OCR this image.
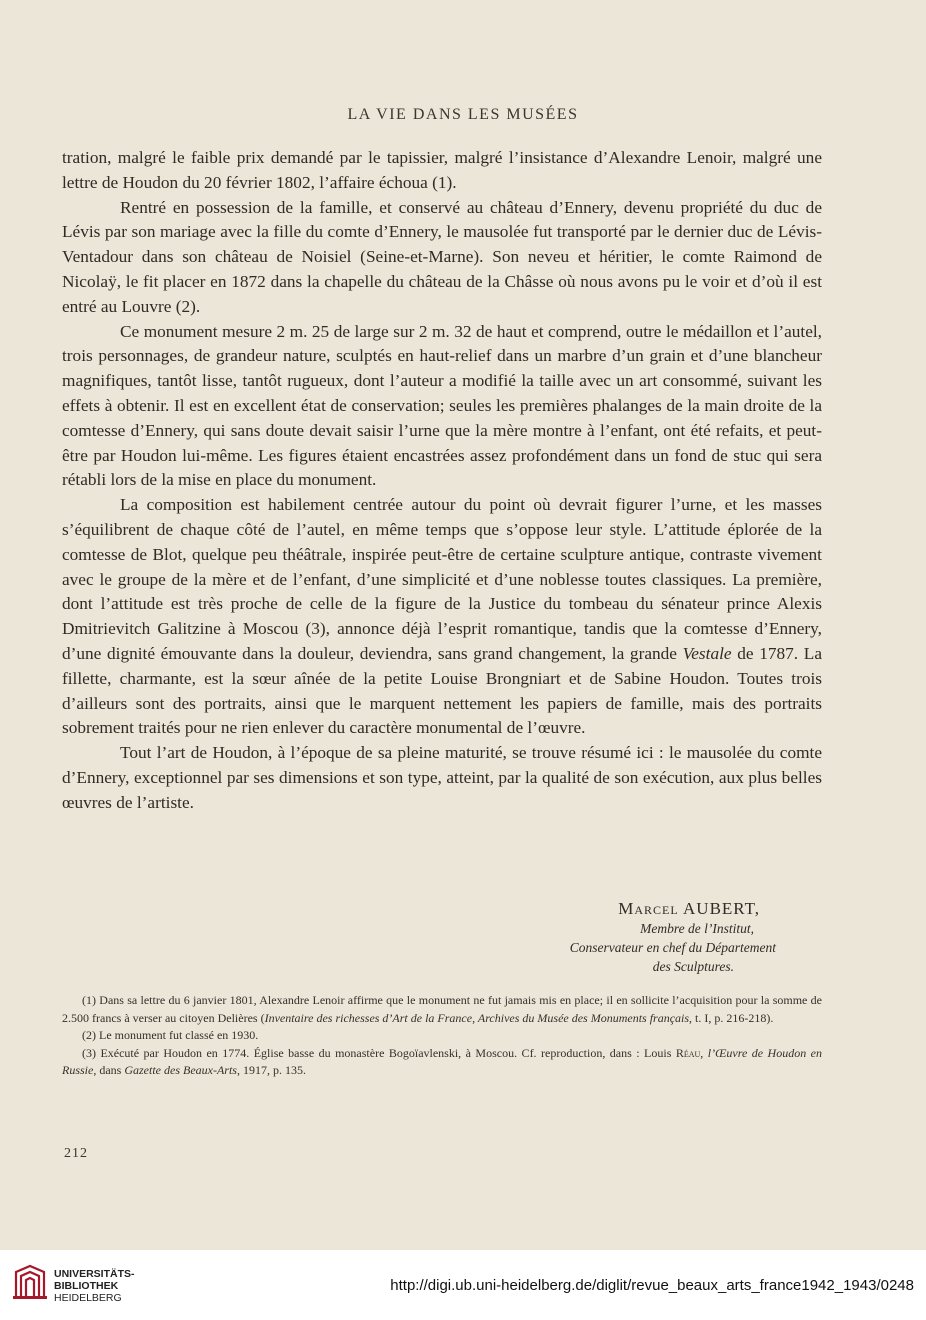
LA VIE DANS LES MUSÉES

tration, malgré le faible prix demandé par le tapissier, malgré l’insistance d’Alexandre Lenoir, malgré une lettre de Houdon du 20 février 1802, l’affaire échoua (1).

Rentré en possession de la famille, et conservé au château d’Ennery, devenu propriété du duc de Lévis par son mariage avec la fille du comte d’Ennery, le mausolée fut transporté par le dernier duc de Lévis-Ventadour dans son château de Noisiel (Seine-et-Marne). Son neveu et héritier, le comte Raimond de Nicolaÿ, le fit placer en 1872 dans la chapelle du château de la Châsse où nous avons pu le voir et d’où il est entré au Louvre (2).

Ce monument mesure 2 m. 25 de large sur 2 m. 32 de haut et comprend, outre le médaillon et l’autel, trois personnages, de grandeur nature, sculptés en haut-relief dans un marbre d’un grain et d’une blancheur magnifiques, tantôt lisse, tantôt rugueux, dont l’auteur a modifié la taille avec un art consommé, suivant les effets à obtenir. Il est en excellent état de conservation; seules les premières phalanges de la main droite de la comtesse d’Ennery, qui sans doute devait saisir l’urne que la mère montre à l’enfant, ont été refaits, et peut-être par Houdon lui-même. Les figures étaient encastrées assez profondément dans un fond de stuc qui sera rétabli lors de la mise en place du monument.

La composition est habilement centrée autour du point où devrait figurer l’urne, et les masses s’équilibrent de chaque côté de l’autel, en même temps que s’oppose leur style. L’attitude éplorée de la comtesse de Blot, quelque peu théâtrale, inspirée peut-être de certaine sculpture antique, contraste vivement avec le groupe de la mère et de l’enfant, d’une simplicité et d’une noblesse toutes classiques. La première, dont l’attitude est très proche de celle de la figure de la Justice du tombeau du sénateur prince Alexis Dmitrievitch Galitzine à Moscou (3), annonce déjà l’esprit romantique, tandis que la comtesse d’Ennery, d’une dignité émouvante dans la douleur, deviendra, sans grand changement, la grande Vestale de 1787. La fillette, charmante, est la sœur aînée de la petite Louise Brongniart et de Sabine Houdon. Toutes trois d’ailleurs sont des portraits, ainsi que le marquent nettement les papiers de famille, mais des portraits sobrement traités pour ne rien enlever du caractère monumental de l’œuvre.

Tout l’art de Houdon, à l’époque de sa pleine maturité, se trouve résumé ici : le mausolée du comte d’Ennery, exceptionnel par ses dimensions et son type, atteint, par la qualité de son exécution, aux plus belles œuvres de l’artiste.

Marcel AUBERT,
Membre de l’Institut,
Conservateur en chef du Département
des Sculptures.

(1) Dans sa lettre du 6 janvier 1801, Alexandre Lenoir affirme que le monument ne fut jamais mis en place; il en sollicite l’acquisition pour la somme de 2.500 francs à verser au citoyen Delières (Inventaire des richesses d’Art de la France, Archives du Musée des Monuments français, t. I, p. 216-218).

(2) Le monument fut classé en 1930.

(3) Exécuté par Houdon en 1774. Église basse du monastère Bogoïavlenski, à Moscou. Cf. reproduction, dans : Louis Réau, l’Œuvre de Houdon en Russie, dans Gazette des Beaux-Arts, 1917, p. 135.

212
UNIVERSITÄTS-
BIBLIOTHEK
HEIDELBERG
http://digi.ub.uni-heidelberg.de/diglit/revue_beaux_arts_france1942_1943/0248
